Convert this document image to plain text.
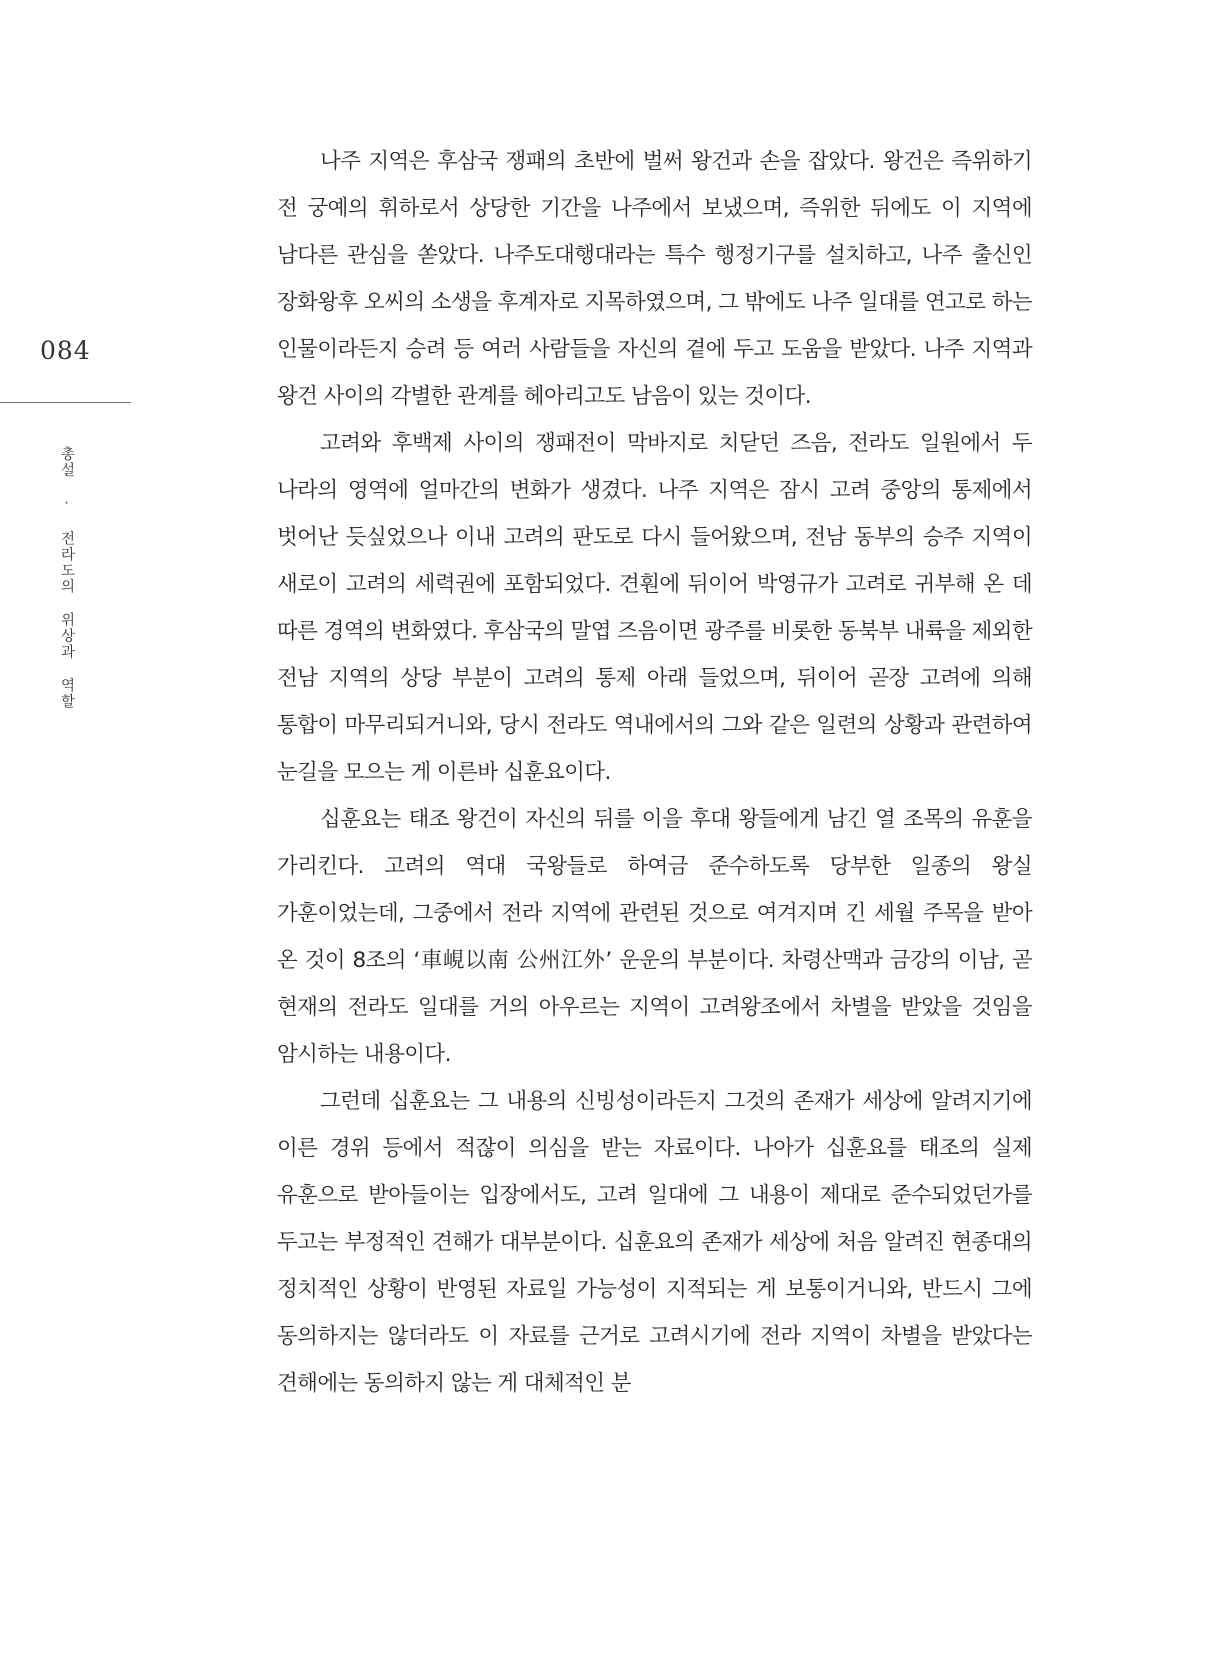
084
총설 · 전라도의 위상과 역할

나주 지역은 후삼국 쟁패의 초반에 벌써 왕건과 손을 잡았다. 왕건은 즉위하기 전 궁예의 휘하로서 상당한 기간을 나주에서 보냈으며, 즉위한 뒤에도 이 지역에 남다른 관심을 쏟았다. 나주도대행대라는 특수 행정기구를 설치하고, 나주 출신인 장화왕후 오씨의 소생을 후계자로 지목하였으며, 그 밖에도 나주 일대를 연고로 하는 인물이라든지 승려 등 여러 사람들을 자신의 곁에 두고 도움을 받았다. 나주 지역과 왕건 사이의 각별한 관계를 헤아리고도 남음이 있는 것이다.

고려와 후백제 사이의 쟁패전이 막바지로 치닫던 즈음, 전라도 일원에서 두 나라의 영역에 얼마간의 변화가 생겼다. 나주 지역은 잠시 고려 중앙의 통제에서 벗어난 듯싶었으나 이내 고려의 판도로 다시 들어왔으며, 전남 동부의 승주 지역이 새로이 고려의 세력권에 포함되었다. 견훤에 뒤이어 박영규가 고려로 귀부해 온 데 따른 경역의 변화였다. 후삼국의 말엽 즈음이면 광주를 비롯한 동북부 내륙을 제외한 전남 지역의 상당 부분이 고려의 통제 아래 들었으며, 뒤이어 곧장 고려에 의해 통합이 마무리되거니와, 당시 전라도 역내에서의 그와 같은 일련의 상황과 관련하여 눈길을 모으는 게 이른바 십훈요이다.

십훈요는 태조 왕건이 자신의 뒤를 이을 후대 왕들에게 남긴 열 조목의 유훈을 가리킨다. 고려의 역대 국왕들로 하여금 준수하도록 당부한 일종의 왕실 가훈이었는데, 그중에서 전라 지역에 관련된 것으로 여겨지며 긴 세월 주목을 받아 온 것이 8조의 ‘車峴以南 公州江外’ 운운의 부분이다. 차령산맥과 금강의 이남, 곧 현재의 전라도 일대를 거의 아우르는 지역이 고려왕조에서 차별을 받았을 것임을 암시하는 내용이다.

그런데 십훈요는 그 내용의 신빙성이라든지 그것의 존재가 세상에 알려지기에 이른 경위 등에서 적잖이 의심을 받는 자료이다. 나아가 십훈요를 태조의 실제 유훈으로 받아들이는 입장에서도, 고려 일대에 그 내용이 제대로 준수되었던가를 두고는 부정적인 견해가 대부분이다. 십훈요의 존재가 세상에 처음 알려진 현종대의 정치적인 상황이 반영된 자료일 가능성이 지적되는 게 보통이거니와, 반드시 그에 동의하지는 않더라도 이 자료를 근거로 고려시기에 전라 지역이 차별을 받았다는 견해에는 동의하지 않는 게 대체적인 분
